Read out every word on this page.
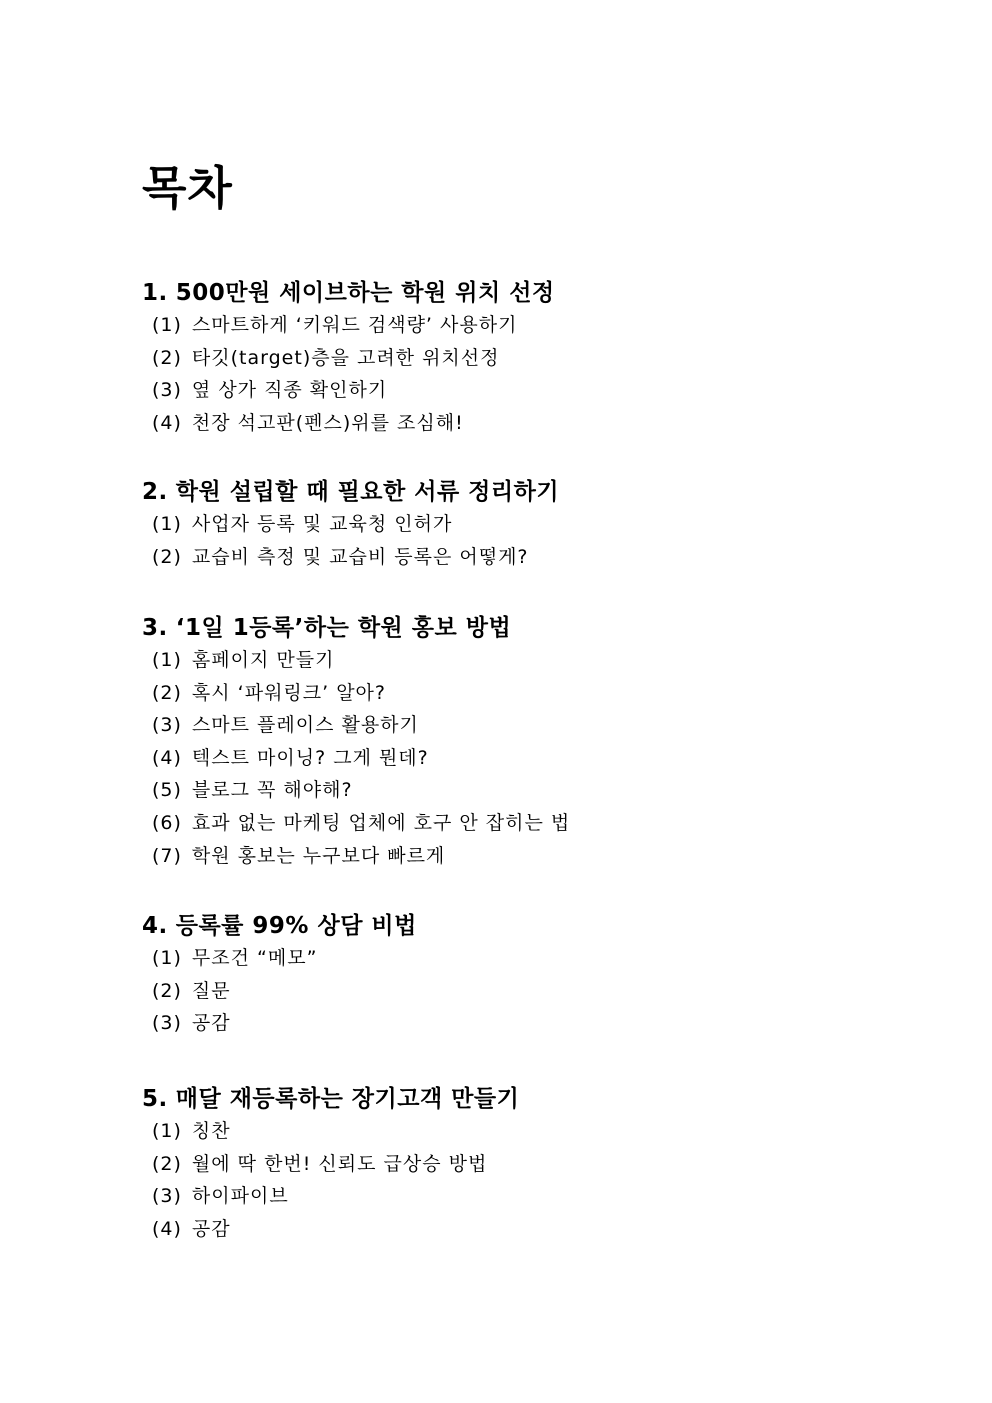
목차
1. 500만원 세이브하는 학원 위치 선정
(1) 스마트하게 ‘키워드 검색량’ 사용하기
(2) 타깃(target)층을 고려한 위치선정
(3) 옆 상가 직종 확인하기
(4) 천장 석고판(펜스)위를 조심해!
2. 학원 설립할 때 필요한 서류 정리하기
(1) 사업자 등록 및 교육청 인허가
(2) 교습비 측정 및 교습비 등록은 어떻게?
3. ‘1일 1등록’하는 학원 홍보 방법
(1) 홈페이지 만들기
(2) 혹시 ‘파워링크’ 알아?
(3) 스마트 플레이스 활용하기
(4) 텍스트 마이닝? 그게 뭔데?
(5) 블로그 꼭 해야해?
(6) 효과 없는 마케팅 업체에 호구 안 잡히는 법
(7) 학원 홍보는 누구보다 빠르게
4. 등록률 99% 상담 비법
(1) 무조건 “메모”
(2) 질문
(3) 공감
5. 매달 재등록하는 장기고객 만들기
(1) 칭찬
(2) 월에 딱 한번! 신뢰도 급상승 방법
(3) 하이파이브
(4) 공감
